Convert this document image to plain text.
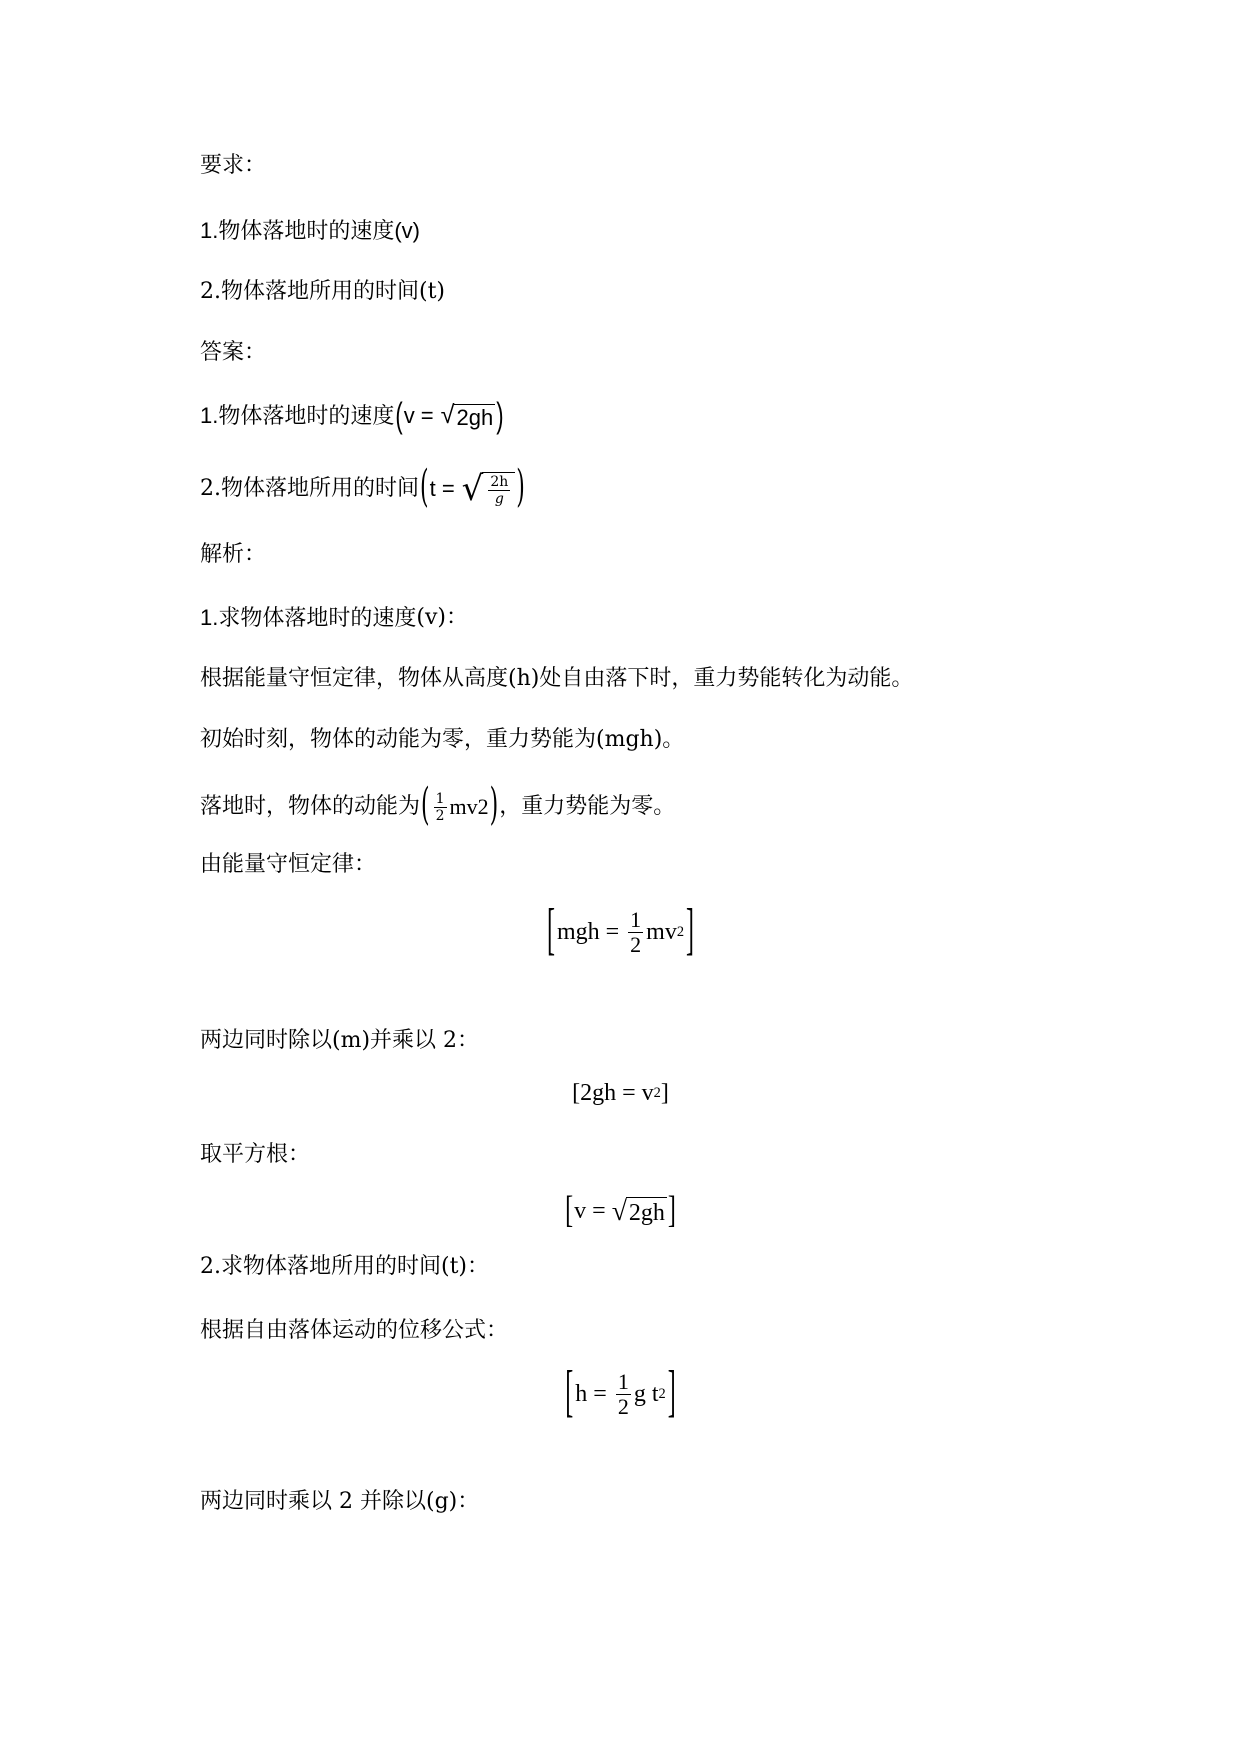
要求：
1.物体落地时的速度 (v)
2.物体落地所用的时间 (t)
答案：
1.物体落地时的速度 ( v =
√ 2gh )
2.物体落地所用的时间 ( t =
√ $\frac{2h}{g}$ )
解析：
1.求物体落地时的速度 (v)：
根据能量守恒定律，物体从高度 (h) 处自由落下时，重力势能转化为动能。
初始时刻，物体的动能为零，重力势能为 (mgh) 。
落地时，物体的动能为 ( $\frac{1}{2}$ mv 2 ) ，重力势能为零。
由能量守恒定律：
[ mgh =
$\frac{1}{2}$ mv 2 ]
两边同时除以 (m) 并乘以 2：
[2gh = v 2 ]
取平方根：
[ v =
√ 2gh ]
2.求物体落地所用的时间 (t)：
根据自由落体运动的位移公式：
[ h =
$\frac{1}{2}$ g t 2 ]
两边同时乘以 2 并除以 (g) ：
